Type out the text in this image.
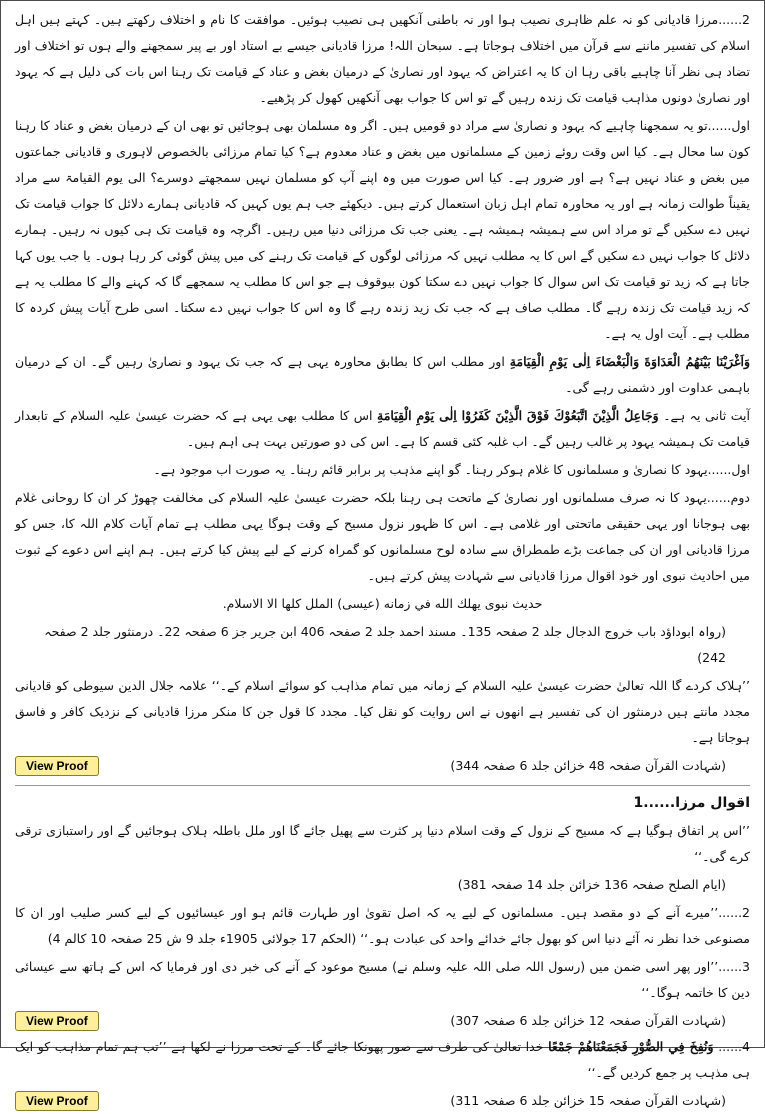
2......مرزا قادیانی کو نہ علم ظاہری نصیب ہوا اور نہ باطنی آنکھیں ہی نصیب ہوئیں۔ موافقت کا نام و اختلاف رکھتے ہیں۔ کہتے ہیں اہل اسلام کی تفسیر ماننے سے قرآن میں اختلاف ہوجاتا ہے۔ سبحان اللہ! مرزا قادیانی جیسے بے استاد اور بے پیر سمجھنے والے ہوں تو اختلاف اور تضاد ہی نظر آنا چاہیے باقی رہا ان کا یہ اعتراض کہ یہود اور نصاریٰ کے درمیان بغض و عناد کے قیامت تک رہنا اس بات کی دلیل ہے کہ یہود اور نصاریٰ دونوں مذاہب قیامت تک زندہ رہیں گے تو اس کا جواب بھی آنکھیں کھول کر پڑھیے۔

اول......تو یہ سمجھنا چاہیے کہ یہود و نصاریٰ سے مراد دو قومیں ہیں۔ اگر وہ مسلمان بھی ہوجائیں تو بھی ان کے درمیان بغض و عناد کا رہنا کون سا محال ہے۔ کیا اس وقت روئے زمین کے مسلمانوں میں بغض و عناد معدوم ہے؟ کیا تمام مرزائی بالخصوص لاہوری و قادیانی جماعتوں میں بغض و عناد نہیں ہے؟ ہے اور ضرور ہے۔ کیا اس صورت میں وہ اپنے آپ کو مسلمان نہیں سمجھتے دوسرے؟ الی یوم القیامۃ سے مراد یقیناً طوالت زمانہ ہے اور یہ محاورہ تمام اہل زبان استعمال کرتے ہیں۔ دیکھئے جب ہم یوں کہیں کہ قادیانی ہمارے دلائل کا جواب قیامت تک نہیں دے سکیں گے تو مراد اس سے ہمیشہ ہمیشہ ہے۔ یعنی جب تک مرزائی دنیا میں رہیں۔ اگرچہ وہ قیامت تک ہی کیوں نہ رہیں۔ ہمارے دلائل کا جواب نہیں دے سکیں گے اس کا یہ مطلب نہیں کہ مرزائی لوگوں کے قیامت تک رہنے کی میں پیش گوئی کر رہا ہوں۔ یا جب یوں کہا جاتا ہے کہ زید تو قیامت تک اس سوال کا جواب نہیں دے سکتا کون بیوقوف ہے جو اس کا مطلب یہ سمجھے گا کہ کہنے والے کا مطلب یہ ہے کہ زید قیامت تک زندہ رہے گا۔ مطلب صاف ہے کہ جب تک زید زندہ رہے گا وہ اس کا جواب نہیں دے سکتا۔ اسی طرح آیات پیش کردہ کا مطلب ہے۔ آیت اول یہ ہے۔

وَاَغْرَيْنَا بَيْنَهُمُ الْعَدَاوَةَ وَالْبَغْضَاءَ اِلٰى يَوْمِ الْقِيَامَةِ اور مطلب اس کا بطابق محاورہ یہی ہے کہ جب تک یہود و نصاریٰ رہیں گے۔ ان کے درمیان باہمی عداوت اور دشمنی رہے گی۔

آیت ثانی یہ ہے۔ وَجَاعِلُ الَّذِيْنَ اتَّبَعُوْكَ فَوْقَ الَّذِيْنَ كَفَرُوْا اِلٰى يَوْمِ الْقِيَامَةِ اس کا مطلب بھی یہی ہے کہ حضرت عیسیٰ علیہ السلام کے تابعدار قیامت تک ہمیشہ یہود پر غالب رہیں گے۔ اب غلبہ کئی قسم کا ہے۔ اس کی دو صورتیں بہت ہی اہم ہیں۔

اول......یہود کا نصاریٰ و مسلمانوں کا غلام ہوکر رہنا۔ گو اپنے مذہب پر برابر قائم رہنا۔ یہ صورت اب موجود ہے۔

دوم......یہود کا نہ صرف مسلمانوں اور نصاریٰ کے ماتحت ہی رہنا بلکہ حضرت عیسیٰ علیہ السلام کی مخالفت چھوڑ کر ان کا روحانی غلام بھی ہوجانا اور یہی حقیقی ماتحتی اور غلامی ہے۔ اس کا ظہور نزول مسیح کے وقت ہوگا یہی مطلب ہے تمام آیات کلام اللہ کا، جس کو مرزا قادیانی اور ان کی جماعت بڑے طمطراق سے سادہ لوح مسلمانوں کو گمراہ کرنے کے لیے پیش کیا کرتے ہیں۔ ہم اپنے اس دعوے کے ثبوت میں احادیث نبوی اور خود اقوال مرزا قادیانی سے شہادت پیش کرتے ہیں۔

حدیث نبوی يهلك الله في زمانه (عيسى) الملل كلها الا الاسلام.

(رواہ ابوداؤد باب خروج الدجال جلد 2 صفحہ 135۔ مسند احمد جلد 2 صفحہ 406 ابن جریر جز 6 صفحہ 22۔ درمنثور جلد 2 صفحہ 242)

’’ہلاک کردے گا اللہ تعالیٰ حضرت عیسیٰ علیہ السلام کے زمانہ میں تمام مذاہب کو سوائے اسلام کے۔‘‘ علامہ جلال الدین سیوطی کو قادیانی مجدد مانتے ہیں درمنثور ان کی تفسیر ہے انھوں نے اس روایت کو نقل کیا۔ مجدد کا قول جن کا منکر مرزا قادیانی کے نزدیک کافر و فاسق ہوجاتا ہے۔

(شہادت القرآن صفحہ 48 خزائن جلد 6 صفحہ 344)
View Proof
اقوال مرزا......1

’’اس پر اتفاق ہوگیا ہے کہ مسیح کے نزول کے وقت اسلام دنیا پر کثرت سے پھیل جائے گا اور ملل باطلہ ہلاک ہوجائیں گے اور راستبازی ترقی کرے گی۔‘‘

(ایام الصلح صفحہ 136 خزائن جلد 14 صفحہ 381)

2......’’میرے آنے کے دو مقصد ہیں۔ مسلمانوں کے لیے یہ کہ اصل تقویٰ اور طہارت قائم ہو اور عیسائیوں کے لیے کسر صلیب اور ان کا مصنوعی خدا نظر نہ آئے دنیا اس کو بھول جائے خدائے واحد کی عبادت ہو۔‘‘ (الحکم 17 جولائی 1905ء جلد 9 ش 25 صفحہ 10 کالم 4)

3......’’اور پھر اسی ضمن میں (رسول اللہ صلی اللہ علیہ وسلم نے) مسیح موعود کے آنے کی خبر دی اور فرمایا کہ اس کے ہاتھ سے عیسائی دین کا خاتمہ ہوگا۔‘‘

(شہادت القرآن صفحہ 12 خزائن جلد 6 صفحہ 307)
View Proof

4...... وَنُفِخَ فِي الصُّوْرِ فَجَمَعْنَاهُمْ جَمْعًا خدا تعالیٰ کی طرف سے صور پھونکا جائے گا۔ کے تحت مرزا نے لکھا ہے ’’تب ہم تمام مذاہب کو ایک ہی مذہب پر جمع کردیں گے۔‘‘

(شہادت القرآن صفحہ 15 خزائن جلد 6 صفحہ 311)
View Proof
